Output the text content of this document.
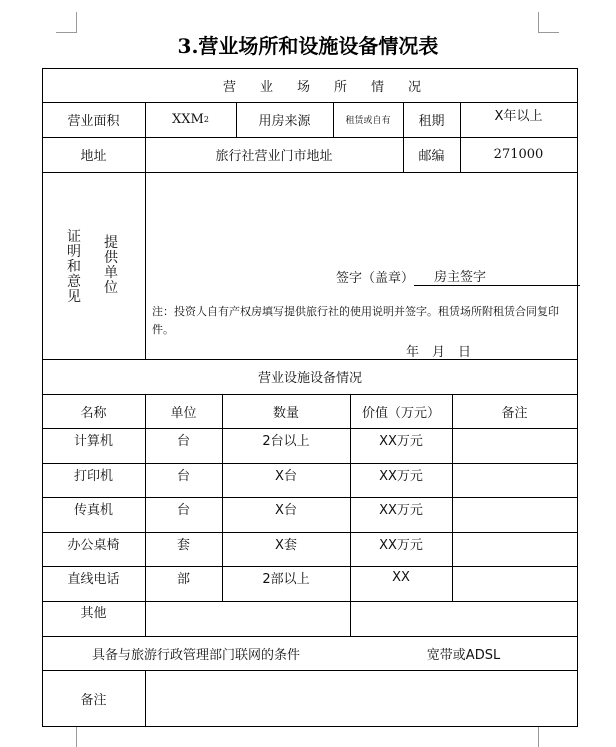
3.营业场所和设施设备情况表
营业场所情况
营业面积	XXM 2	用房来源	租赁或自有	租期	X年以上
地址	旅行社营业门市地址	邮编	271000
证明和意见
提供单位
签字（盖章）	房主签字
注：投资人自有产权房填写提供旅行社的使用说明并签字。租赁场所附租赁合同复印件。
年　月　日
营业设施设备情况
名称	单位	数量	价值（万元）	备注
计算机	台	2台以上	XX万元
打印机	台	X台	XX万元
传真机	台	X台	XX万元
办公桌椅	套	X套	XX万元
直线电话	部	2部以上	XX
其他
具备与旅游行政管理部门联网的条件	宽带或ADSL
备注
